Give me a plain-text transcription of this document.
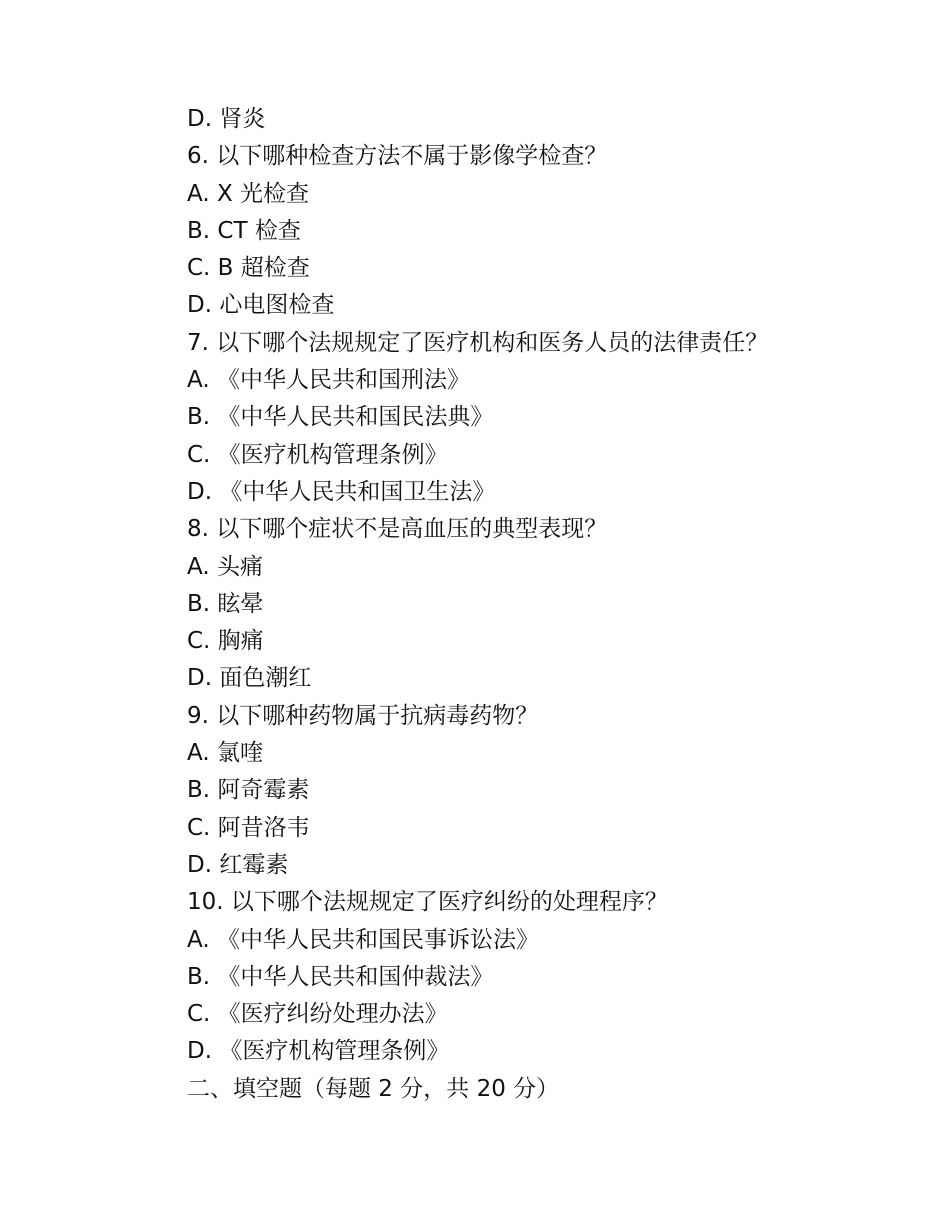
D. 肾炎
6. 以下哪种检查方法不属于影像学检查？
A. X 光检查
B. CT 检查
C. B 超检查
D. 心电图检查
7. 以下哪个法规规定了医疗机构和医务人员的法律责任？
A. 《中华人民共和国刑法》
B. 《中华人民共和国民法典》
C. 《医疗机构管理条例》
D. 《中华人民共和国卫生法》
8. 以下哪个症状不是高血压的典型表现？
A. 头痛
B. 眩晕
C. 胸痛
D. 面色潮红
9. 以下哪种药物属于抗病毒药物？
A. 氯喹
B. 阿奇霉素
C. 阿昔洛韦
D. 红霉素
10. 以下哪个法规规定了医疗纠纷的处理程序？
A. 《中华人民共和国民事诉讼法》
B. 《中华人民共和国仲裁法》
C. 《医疗纠纷处理办法》
D. 《医疗机构管理条例》
二、填空题（每题 2 分，共 20 分）
